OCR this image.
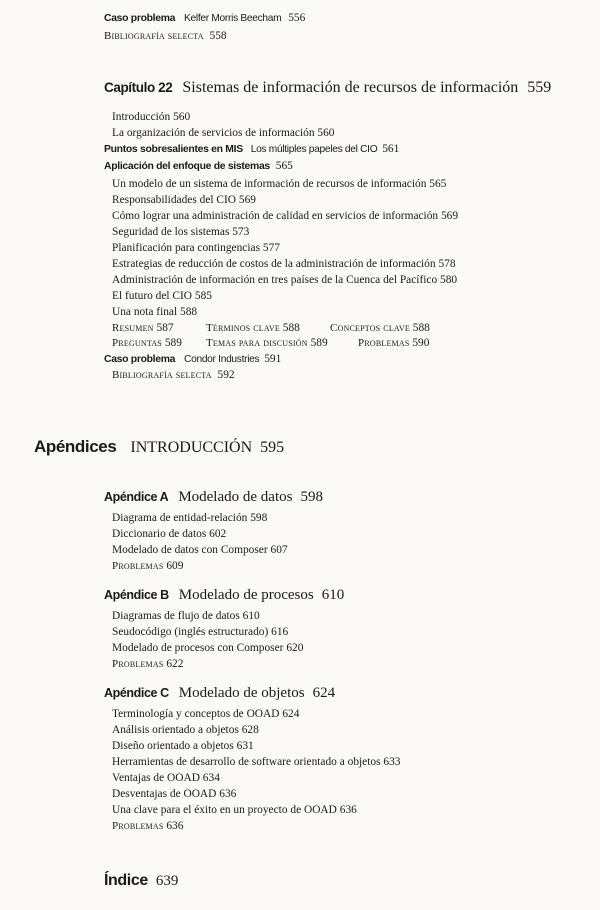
Caso problema Kelfer Morris Beecham 556
Bibliografía selecta 558
Capítulo 22 Sistemas de información de recursos de información 559
Introducción 560
La organización de servicios de información 560
Puntos sobresalientes en MIS Los múltiples papeles del CIO 561
Aplicación del enfoque de sistemas 565
Un modelo de un sistema de información de recursos de información 565
Responsabilidades del CIO 569
Cómo lograr una administración de calidad en servicios de información 569
Seguridad de los sistemas 573
Planificación para contingencias 577
Estrategias de reducción de costos de la administración de información 578
Administración de información en tres países de la Cuenca del Pacífico 580
El futuro del CIO 585
Una nota final 588
Resumen 587	Términos clave 588	Conceptos clave 588
Preguntas 589	Temas para discusión 589	Problemas 590
Caso problema Condor Industries 591
Bibliografía selecta 592
Apéndices INTRODUCCIÓN 595
Apéndice A Modelado de datos 598
Diagrama de entidad-relación 598
Diccionario de datos 602
Modelado de datos con Composer 607
Problemas 609
Apéndice B Modelado de procesos 610
Diagramas de flujo de datos 610
Seudocódigo (inglés estructurado) 616
Modelado de procesos con Composer 620
Problemas 622
Apéndice C Modelado de objetos 624
Terminología y conceptos de OOAD 624
Análisis orientado a objetos 628
Diseño orientado a objetos 631
Herramientas de desarrollo de software orientado a objetos 633
Ventajas de OOAD 634
Desventajas de OOAD 636
Una clave para el éxito en un proyecto de OOAD 636
Problemas 636
Índice 639
